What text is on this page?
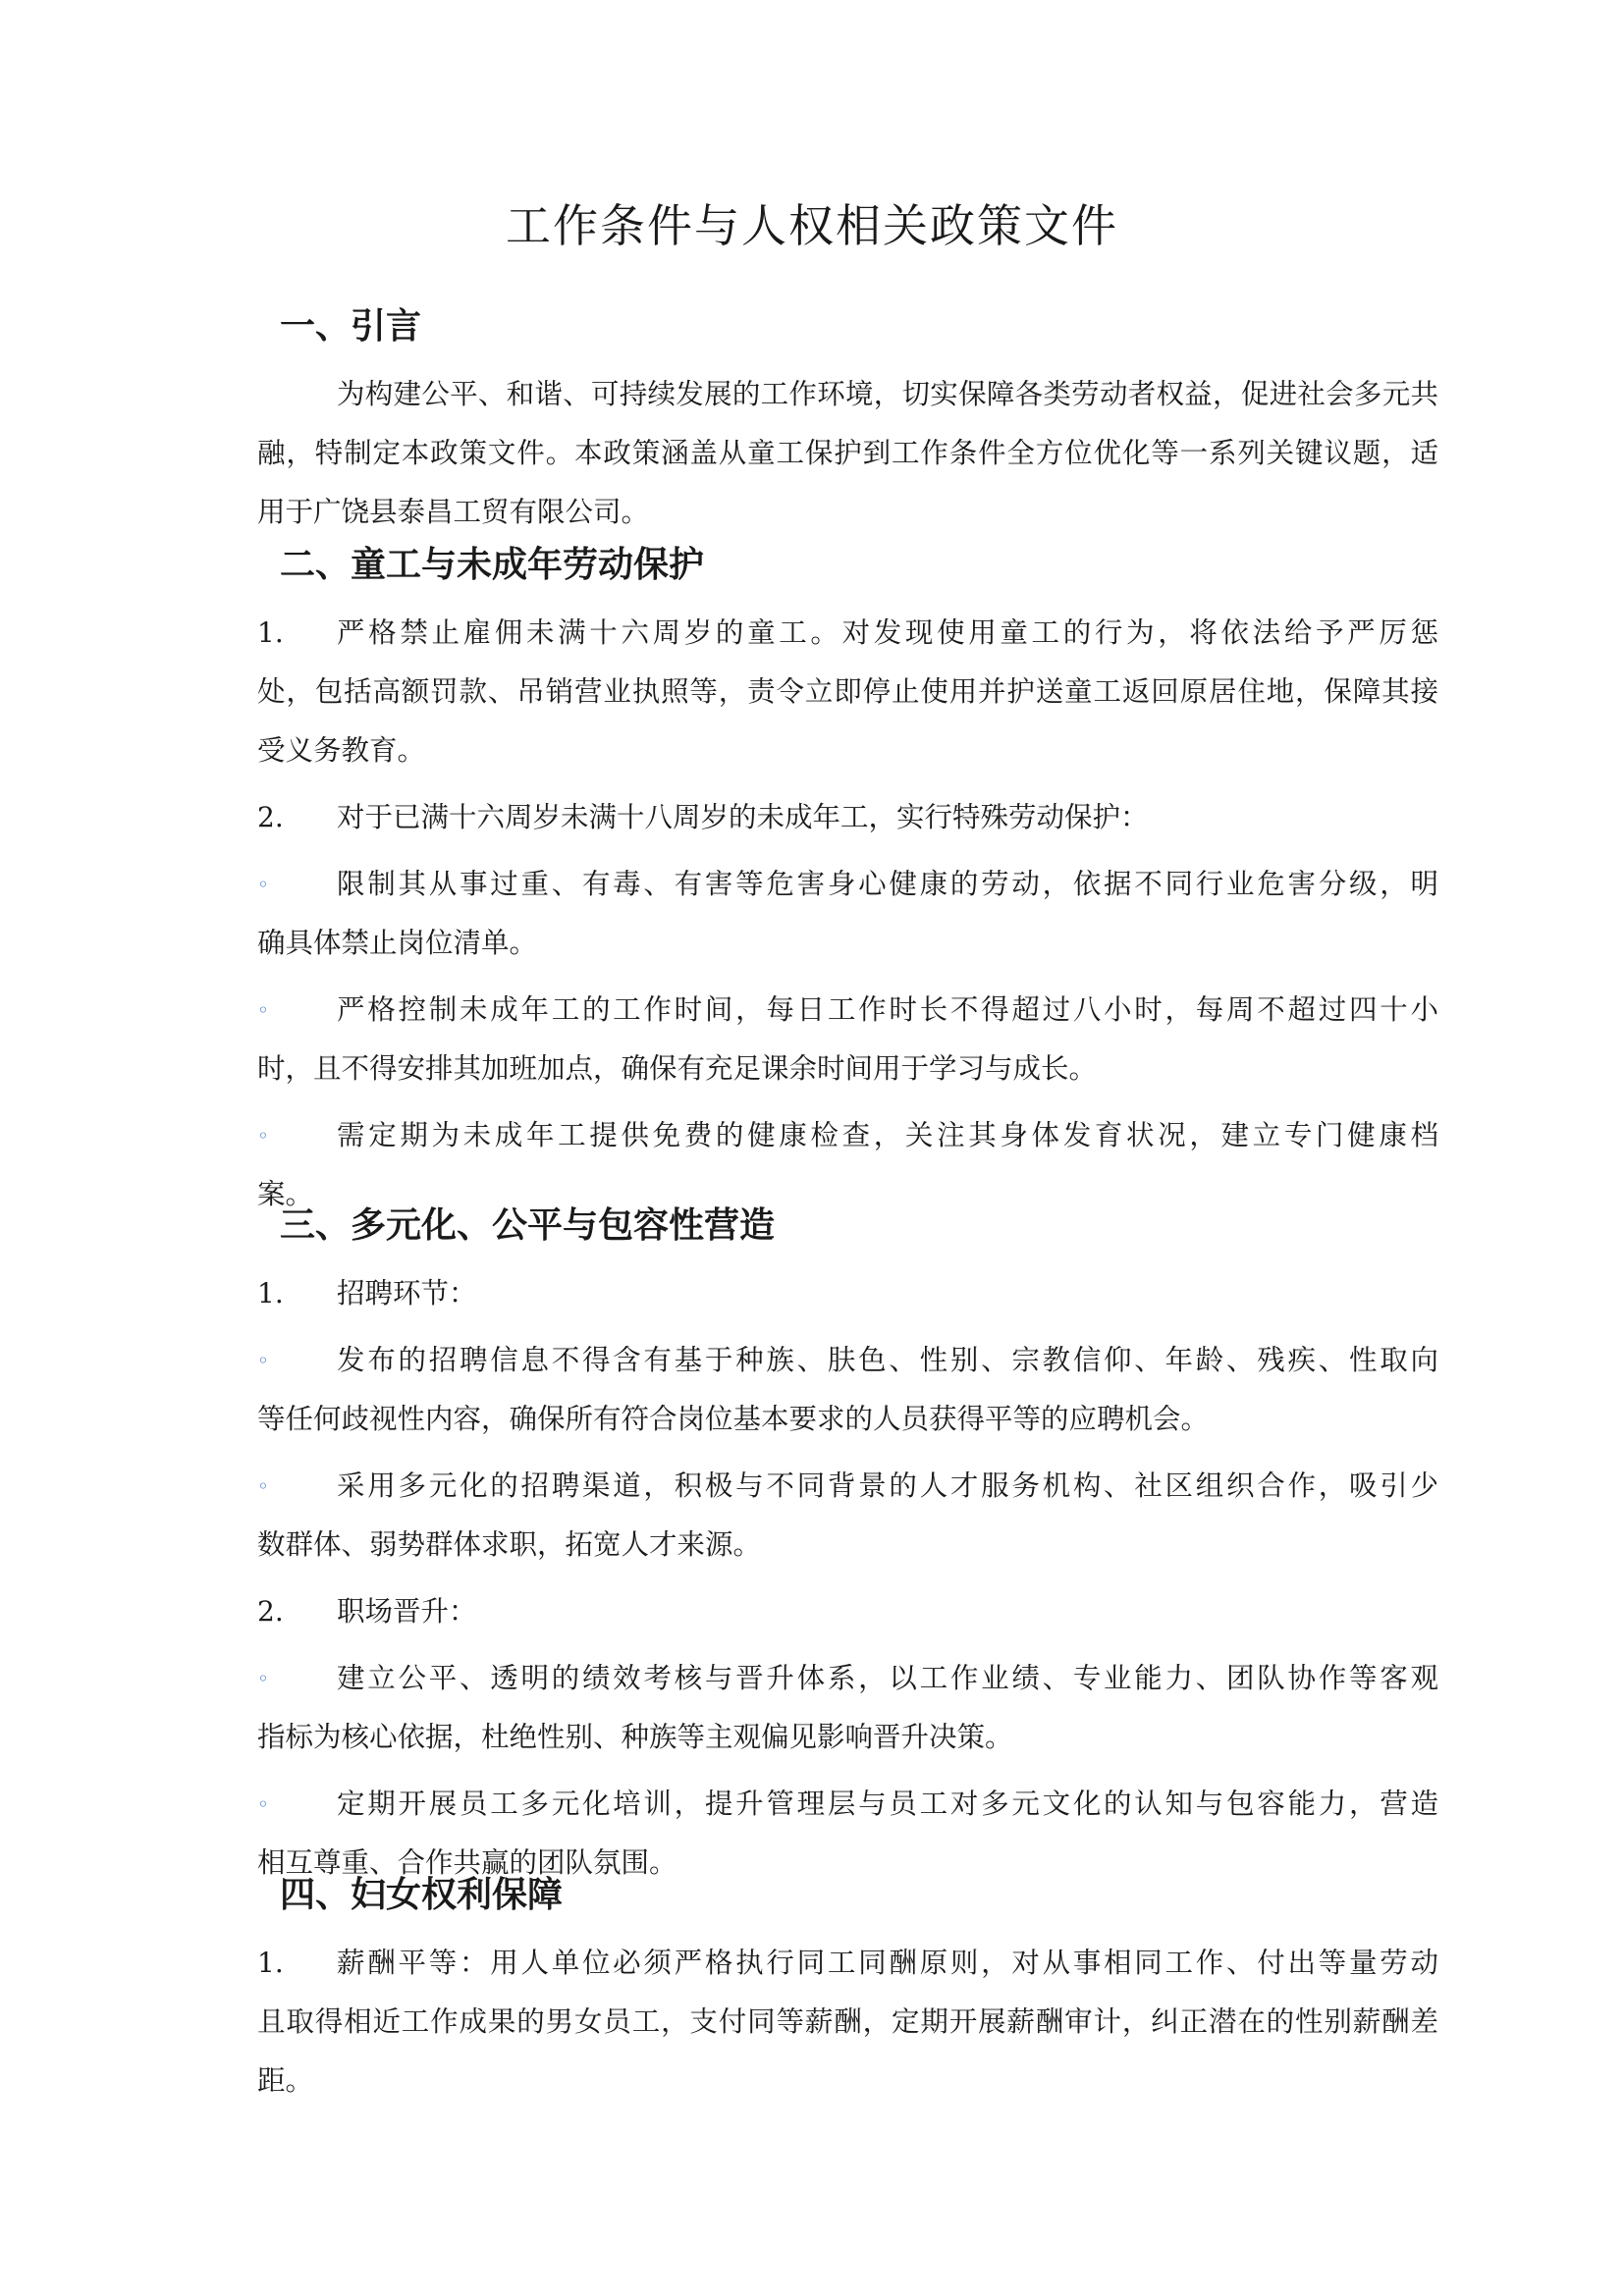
工作条件与人权相关政策文件
一、引言
为构建公平、和谐、可持续发展的工作环境，切实保障各类劳动者权益，促进社会多元共
融，特制定本政策文件。本政策涵盖从童工保护到工作条件全方位优化等一系列关键议题，适
用于广饶县泰昌工贸有限公司。
二、童工与未成年劳动保护
1. 严格禁止雇佣未满十六周岁的童工。对发现使用童工的行为，将依法给予严厉惩
处，包括高额罚款、吊销营业执照等，责令立即停止使用并护送童工返回原居住地，保障其接
受义务教育。
2. 对于已满十六周岁未满十八周岁的未成年工，实行特殊劳动保护：
◦ 限制其从事过重、有毒、有害等危害身心健康的劳动，依据不同行业危害分级，明
确具体禁止岗位清单。
◦ 严格控制未成年工的工作时间，每日工作时长不得超过八小时，每周不超过四十小
时，且不得安排其加班加点，确保有充足课余时间用于学习与成长。
◦ 需定期为未成年工提供免费的健康检查，关注其身体发育状况，建立专门健康档
案。
三、多元化、公平与包容性营造
1. 招聘环节：
◦ 发布的招聘信息不得含有基于种族、肤色、性别、宗教信仰、年龄、残疾、性取向
等任何歧视性内容，确保所有符合岗位基本要求的人员获得平等的应聘机会。
◦ 采用多元化的招聘渠道，积极与不同背景的人才服务机构、社区组织合作，吸引少
数群体、弱势群体求职，拓宽人才来源。
2. 职场晋升：
◦ 建立公平、透明的绩效考核与晋升体系，以工作业绩、专业能力、团队协作等客观
指标为核心依据，杜绝性别、种族等主观偏见影响晋升决策。
◦ 定期开展员工多元化培训，提升管理层与员工对多元文化的认知与包容能力，营造
相互尊重、合作共赢的团队氛围。
四、妇女权利保障
1. 薪酬平等：用人单位必须严格执行同工同酬原则，对从事相同工作、付出等量劳动
且取得相近工作成果的男女员工，支付同等薪酬，定期开展薪酬审计，纠正潜在的性别薪酬差
距。
